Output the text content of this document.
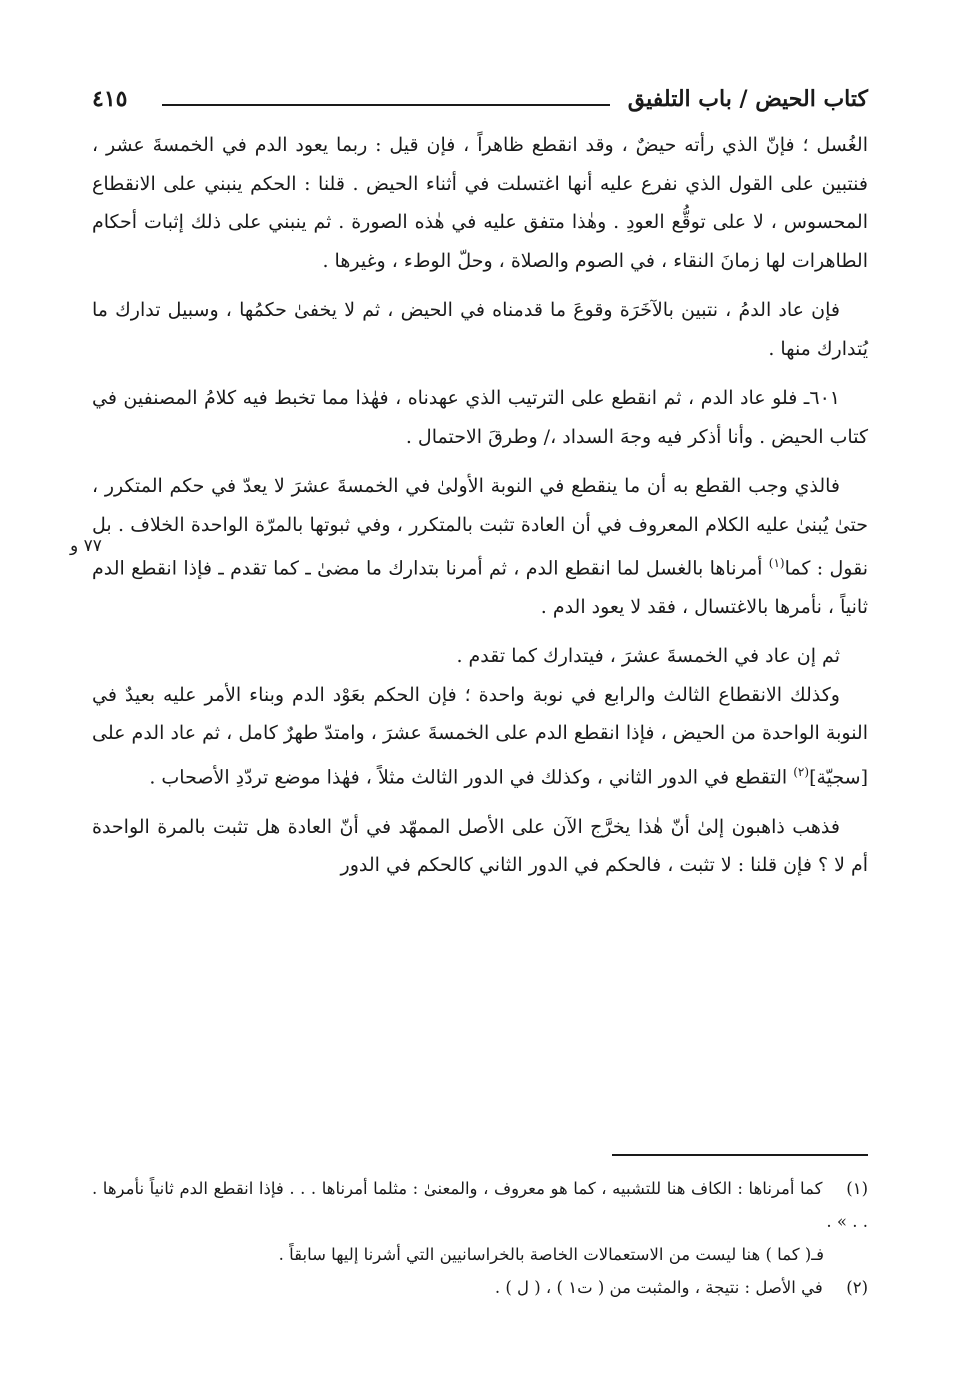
كتاب الحيض / باب التلفيق
٤١٥
٧٧ و

الغُسل ؛ فإنّ الذي رأته حيضٌ ، وقد انقطع ظاهراً ، فإن قيل : ربما يعود الدم في الخمسةَ عشر ، فنتبين على القول الذي نفرع عليه أنها اغتسلت في أثناء الحيض . قلنا : الحكم ينبني على الانقطاع المحسوس ، لا على توقُّع العودِ . وهٰذا متفق عليه في هٰذه الصورة . ثم ينبني على ذلك إثبات أحكام الطاهرات لها زمانَ النقاء ، في الصوم والصلاة ، وحلّ الوطء ، وغيرها .

فإن عاد الدمُ ، نتبين بالآخَرَة وقوعَ ما قدمناه في الحيض ، ثم لا يخفىٰ حكمُها ، وسبيل تدارك ما يُتدارك منها .

٦٠١ـ فلو عاد الدم ، ثم انقطع على الترتيب الذي عهدناه ، فهٰذا مما تخبط فيه كلامُ المصنفين في كتاب الحيض . وأنا أذكر فيه وجهَ السداد ،/ وطرقَ الاحتمال .

فالذي وجب القطع به أن ما ينقطع في النوبة الأولىٰ في الخمسةَ عشرَ لا يعدّ في حكم المتكرر ، حتىٰ يُبنىٰ عليه الكلام المعروف في أن العادة تثبت بالمتكرر ، وفي ثبوتها بالمرّة الواحدة الخلاف . بل نقول : كما$^{(١)}$ أمرناها بالغسل لما انقطع الدم ، ثم أمرنا بتدارك ما مضىٰ ـ كما تقدم ـ فإذا انقطع الدم ثانياً ، نأمرها بالاغتسال ، فقد لا يعود الدم .

ثم إن عاد في الخمسةَ عشرَ ، فيتدارك كما تقدم .

وكذلك الانقطاع الثالث والرابع في نوبة واحدة ؛ فإن الحكم بعَوْد الدم وبناء الأمر عليه بعيدٌ في النوبة الواحدة من الحيض ، فإذا انقطع الدم على الخمسةَ عشرَ ، وامتدّ طهرٌ كامل ، ثم عاد الدم على [سجيّة]$^{(٢)}$ التقطع في الدور الثاني ، وكذلك في الدور الثالث مثلاً ، فهٰذا موضع تردّدِ الأصحاب .

فذهب ذاهبون إلىٰ أنّ هٰذا يخرَّج الآن على الأصل الممهّد في أنّ العادة هل تثبت بالمرة الواحدة أم لا ؟ فإن قلنا : لا تثبت ، فالحكم في الدور الثاني كالحكم في الدور

(١) كما أمرناها : الكاف هنا للتشبيه ، كما هو معروف ، والمعنىٰ : مثلما أمرناها . . . فإذا انقطع الدم ثانياً نأمرها . . . » .

فـ( كما ) هنا ليست من الاستعمالات الخاصة بالخراسانيين التي أشرنا إليها سابقاً .

(٢) في الأصل : نتيجة ، والمثبت من ( ت١ ) ، ( ل ) .
